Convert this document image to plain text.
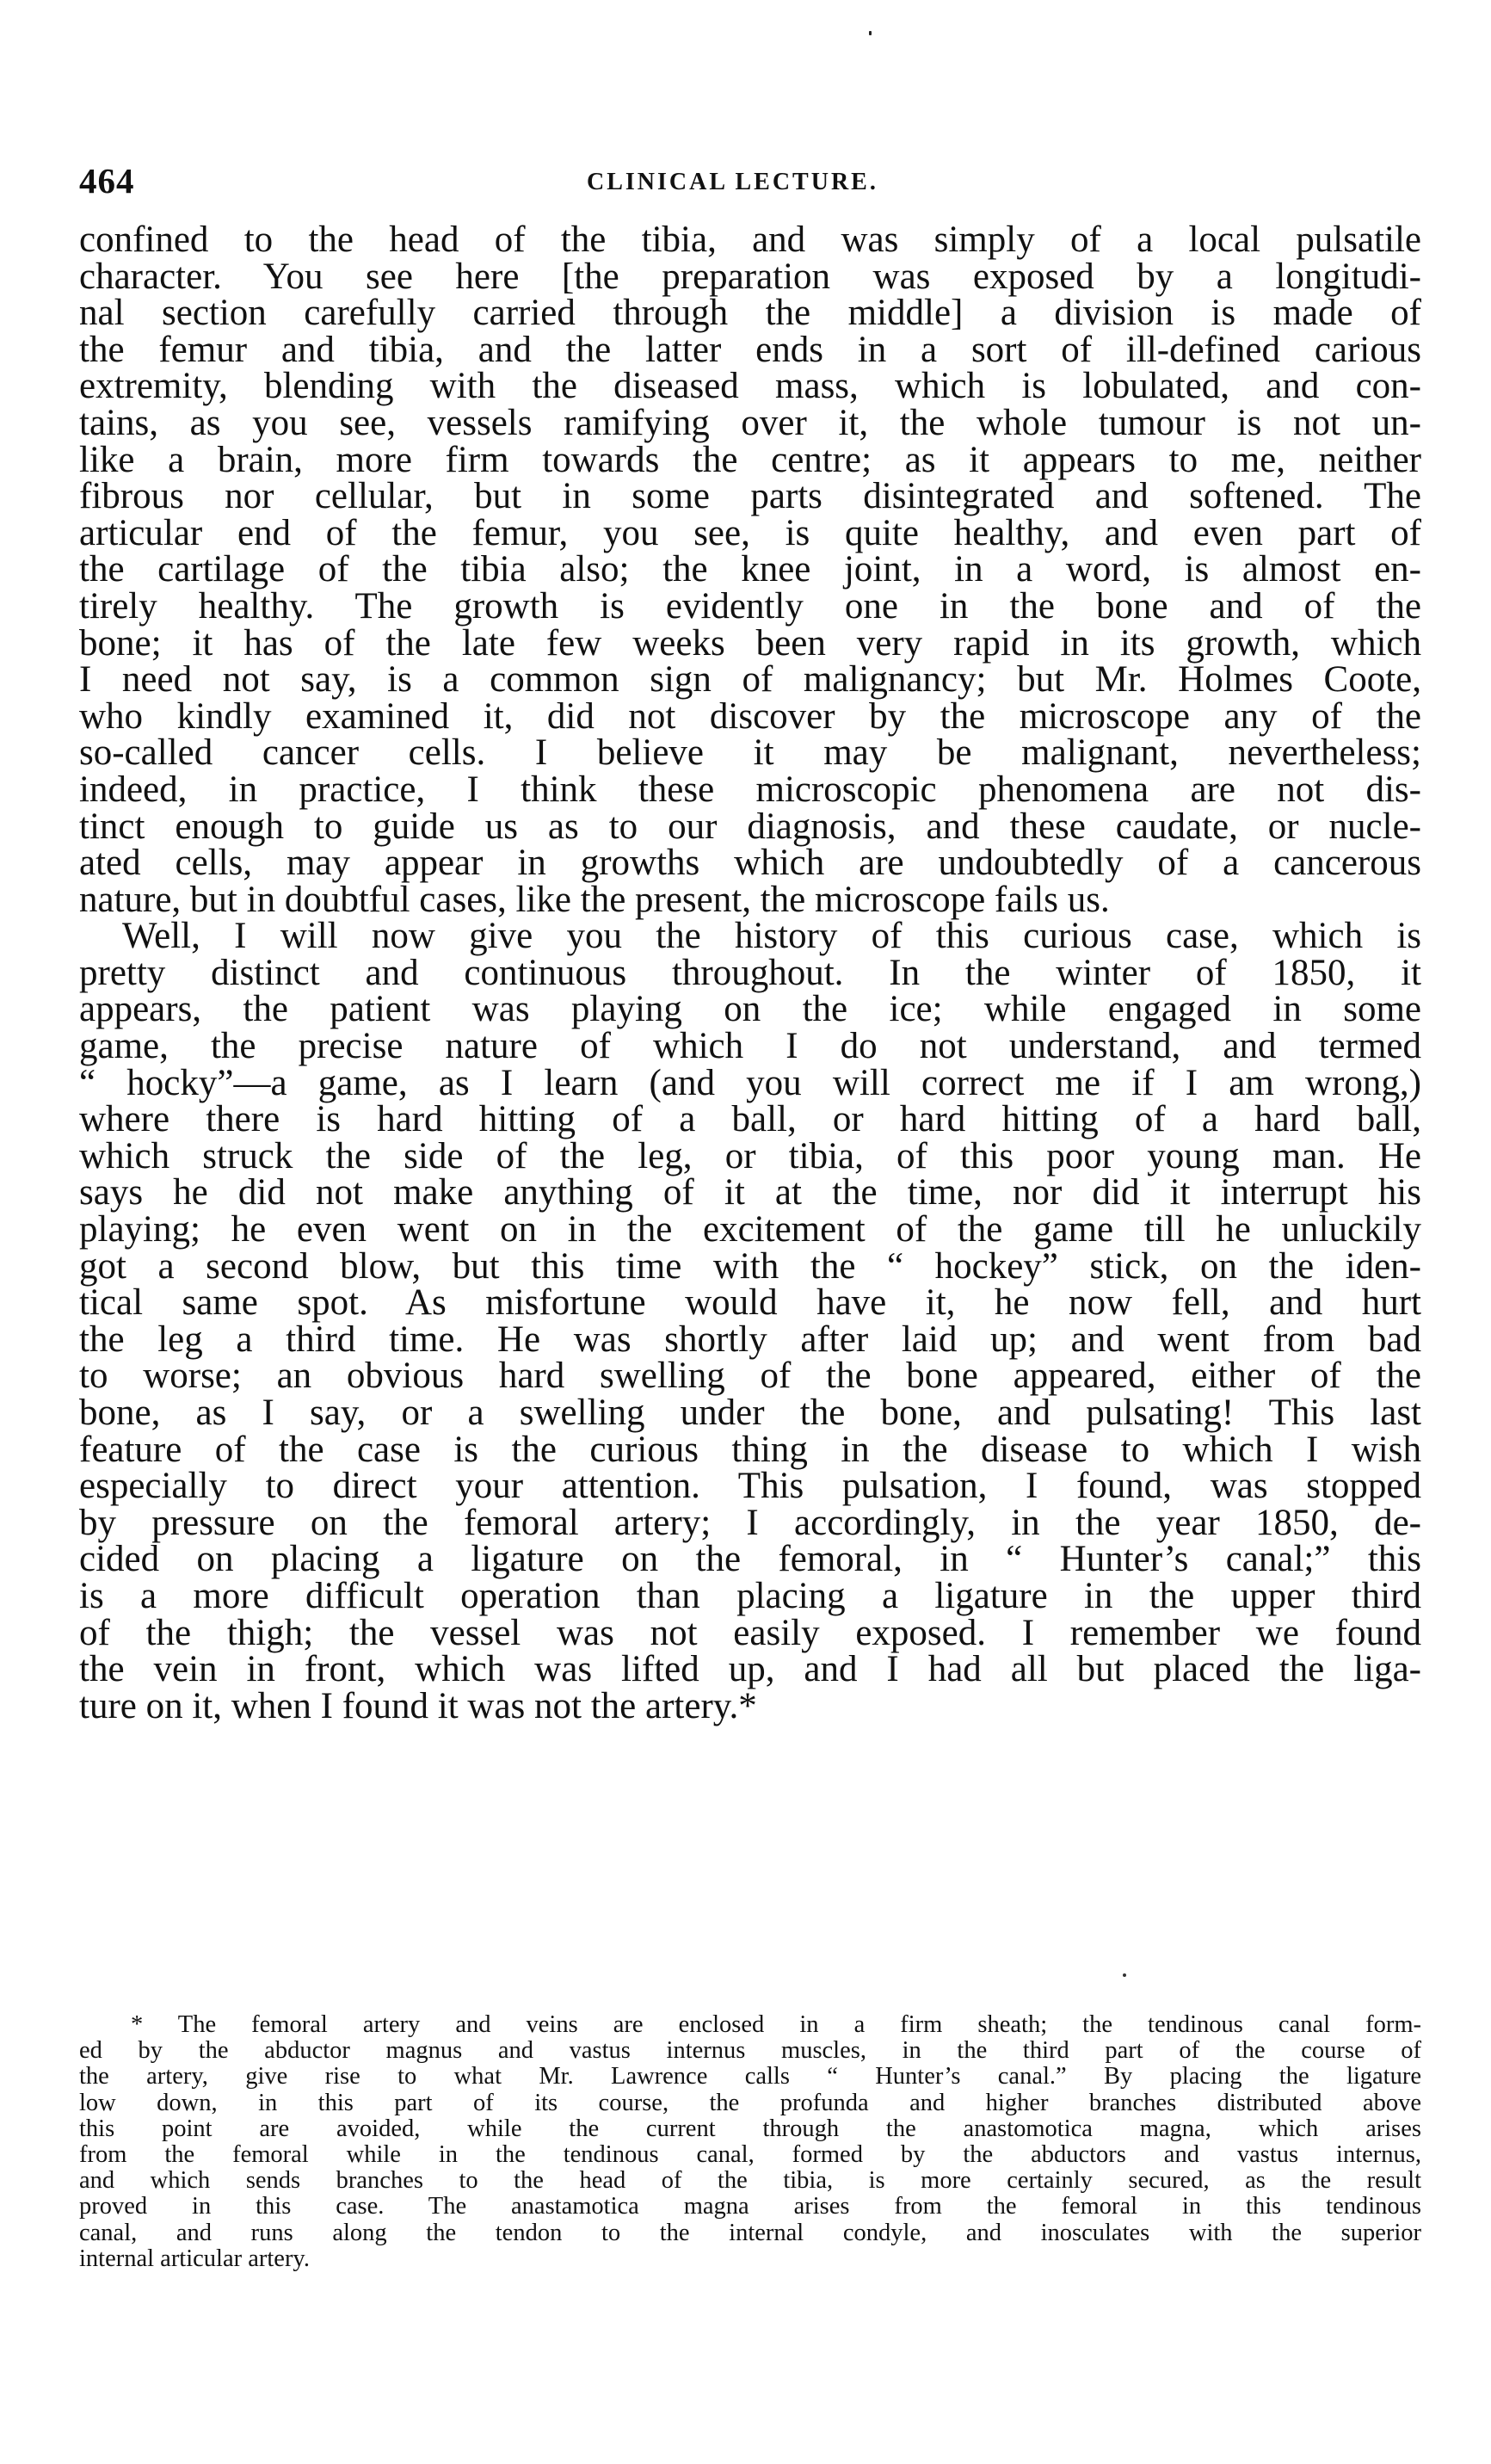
464	CLINICAL LECTURE.
confined to the head of the tibia, and was simply of a local pulsatile
character. You see here [the preparation was exposed by a longitudi-
nal section carefully carried through the middle] a division is made of
the femur and tibia, and the latter ends in a sort of ill-defined carious
extremity, blending with the diseased mass, which is lobulated, and con-
tains, as you see, vessels ramifying over it, the whole tumour is not un-
like a brain, more firm towards the centre; as it appears to me, neither
fibrous nor cellular, but in some parts disintegrated and softened. The
articular end of the femur, you see, is quite healthy, and even part of
the cartilage of the tibia also; the knee joint, in a word, is almost en-
tirely healthy. The growth is evidently one in the bone and of the
bone; it has of the late few weeks been very rapid in its growth, which
I need not say, is a common sign of malignancy; but Mr. Holmes Coote,
who kindly examined it, did not discover by the microscope any of the
so-called cancer cells. I believe it may be malignant, nevertheless;
indeed, in practice, I think these microscopic phenomena are not dis-
tinct enough to guide us as to our diagnosis, and these caudate, or nucle-
ated cells, may appear in growths which are undoubtedly of a cancerous
nature, but in doubtful cases, like the present, the microscope fails us.
Well, I will now give you the history of this curious case, which is
pretty distinct and continuous throughout. In the winter of 1850, it
appears, the patient was playing on the ice; while engaged in some
game, the precise nature of which I do not understand, and termed
“ hocky”—a game, as I learn (and you will correct me if I am wrong,)
where there is hard hitting of a ball, or hard hitting of a hard ball,
which struck the side of the leg, or tibia, of this poor young man. He
says he did not make anything of it at the time, nor did it interrupt his
playing; he even went on in the excitement of the game till he unluckily
got a second blow, but this time with the “ hockey” stick, on the iden-
tical same spot. As misfortune would have it, he now fell, and hurt
the leg a third time. He was shortly after laid up; and went from bad
to worse; an obvious hard swelling of the bone appeared, either of the
bone, as I say, or a swelling under the bone, and pulsating! This last
feature of the case is the curious thing in the disease to which I wish
especially to direct your attention. This pulsation, I found, was stopped
by pressure on the femoral artery; I accordingly, in the year 1850, de-
cided on placing a ligature on the femoral, in “ Hunter’s canal;” this
is a more difficult operation than placing a ligature in the upper third
of the thigh; the vessel was not easily exposed. I remember we found
the vein in front, which was lifted up, and I had all but placed the liga-
ture on it, when I found it was not the artery.*
* The femoral artery and veins are enclosed in a firm sheath; the tendinous canal form-
ed by the abductor magnus and vastus internus muscles, in the third part of the course of
the artery, give rise to what Mr. Lawrence calls “ Hunter’s canal.” By placing the ligature
low down, in this part of its course, the profunda and higher branches distributed above
this point are avoided, while the current through the anastomotica magna, which arises
from the femoral while in the tendinous canal, formed by the abductors and vastus internus,
and which sends branches to the head of the tibia, is more certainly secured, as the result
proved in this case. The anastamotica magna arises from the femoral in this tendinous
canal, and runs along the tendon to the internal condyle, and inosculates with the superior
internal articular artery.
